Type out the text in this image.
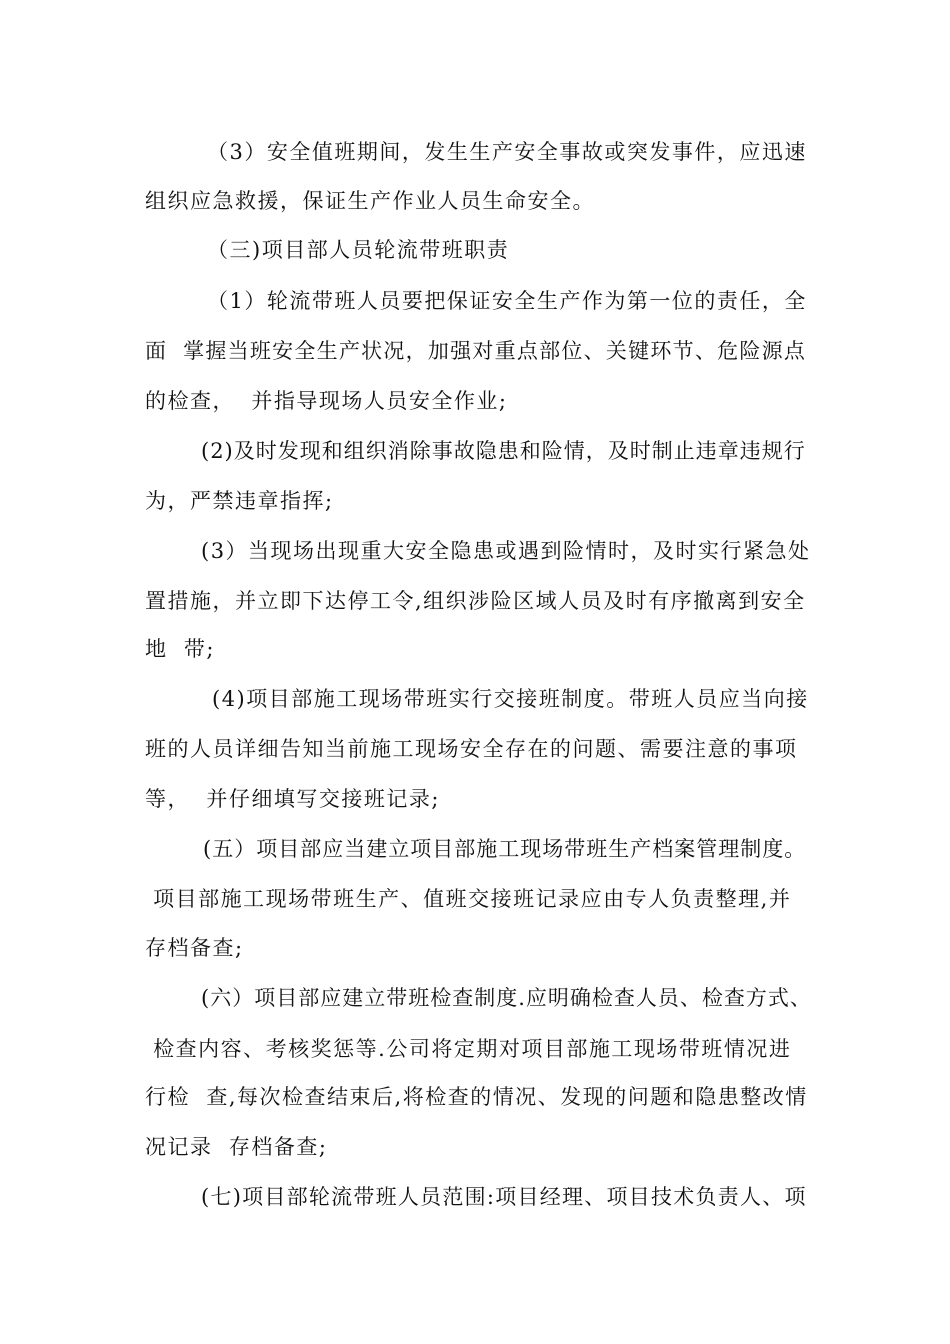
（3）安全值班期间，发生生产安全事故或突发事件，应迅速
组织应急救援，保证生产作业人员生命安全。
（三)项目部人员轮流带班职责
（1）轮流带班人员要把保证安全生产作为第一位的责任，全
面  掌握当班安全生产状况，加强对重点部位、关键环节、危险源点
的检查，  并指导现场人员安全作业;
(2)及时发现和组织消除事故隐患和险情，及时制止违章违规行
为，严禁违章指挥;
(3）当现场出现重大安全隐患或遇到险情时，及时实行紧急处
置措施，并立即下达停工令,组织涉险区域人员及时有序撤离到安全
地  带;
(4)项目部施工现场带班实行交接班制度。带班人员应当向接
班的人员详细告知当前施工现场安全存在的问题、需要注意的事项
等，  并仔细填写交接班记录;
(五）项目部应当建立项目部施工现场带班生产档案管理制度。
项目部施工现场带班生产、值班交接班记录应由专人负责整理,并
存档备查;
(六）项目部应建立带班检查制度.应明确检查人员、检查方式、
检查内容、考核奖惩等.公司将定期对项目部施工现场带班情况进
行检  查,每次检查结束后,将检查的情况、发现的问题和隐患整改情
况记录  存档备查;
(七)项目部轮流带班人员范围:项目经理、项目技术负责人、项
